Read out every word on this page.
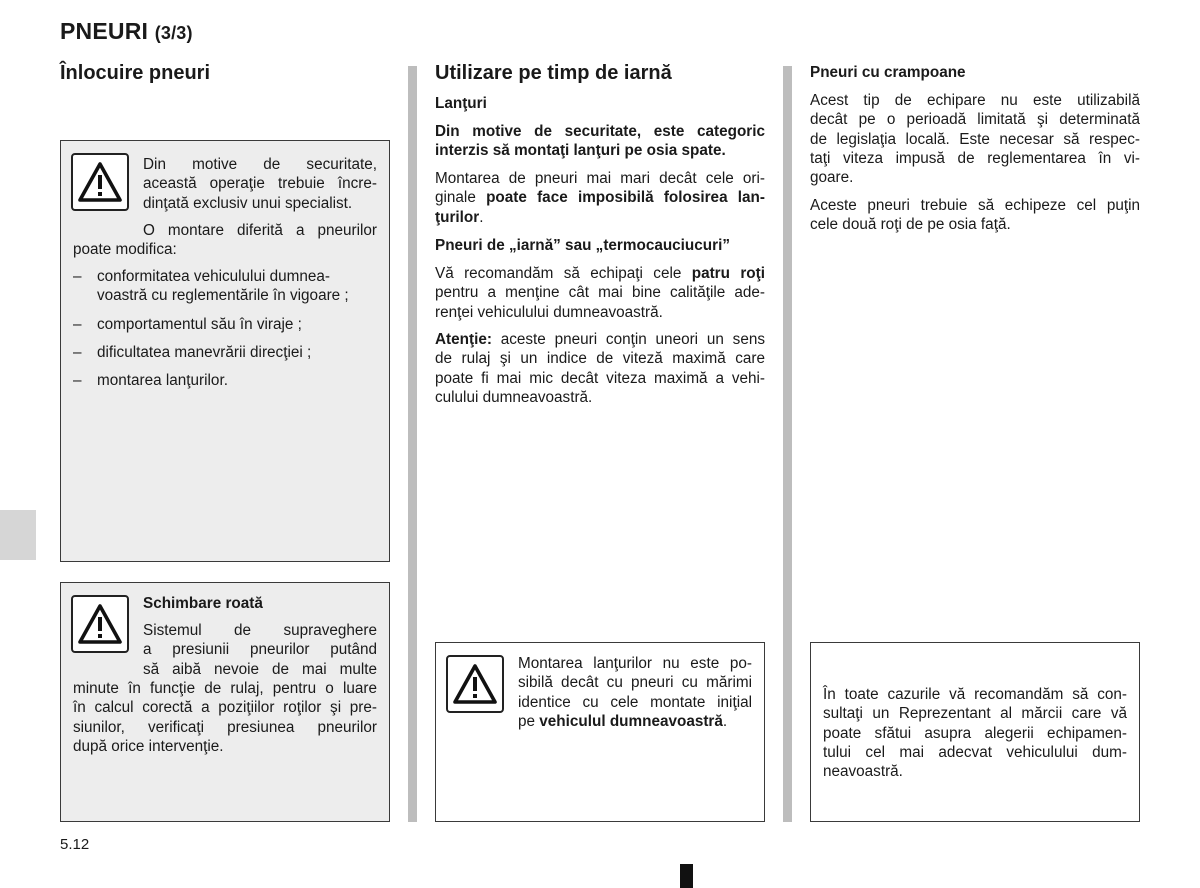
PNEURI (3/3)
Înlocuire pneuri
Din motive de securitate,
această operaţie trebuie încre-
dinţată exclusiv unui specialist.
O montare diferită a pneurilor
poate modifica:
– conformitatea vehiculului dumnea-
voastră cu reglementările în vigoare ;
– comportamentul său în viraje ;
– dificultatea manevrării direcţiei ;
– montarea lanţurilor.
Schimbare roată
Sistemul de supraveghere
a presiunii pneurilor putând
să aibă nevoie de mai multe
minute în funcţie de rulaj, pentru o luare
în calcul corectă a poziţiilor roţilor şi pre-
siunilor, verificaţi presiunea pneurilor
după orice intervenţie.
Utilizare pe timp de iarnă
Lanţuri
Din motive de securitate, este categoric
interzis să montaţi lanţuri pe osia spate.
Montarea de pneuri mai mari decât cele ori-
ginale poate face imposibilă folosirea lan-
ţurilor.
Pneuri de „iarnă” sau „termocauciucuri”
Vă recomandăm să echipaţi cele patru roţi
pentru a menţine cât mai bine calităţile ade-
renţei vehiculului dumneavoastră.
Atenţie: aceste pneuri conţin uneori un sens
de rulaj şi un indice de viteză maximă care
poate fi mai mic decât viteza maximă a vehi-
culului dumneavoastră.
Montarea lanţurilor nu este po-
sibilă decât cu pneuri cu mărimi
identice cu cele montate iniţial
pe vehiculul dumneavoastră.
Pneuri cu crampoane
Acest tip de echipare nu este utilizabilă
decât pe o perioadă limitată şi determinată
de legislaţia locală. Este necesar să respec-
taţi viteza impusă de reglementarea în vi-
goare.
Aceste pneuri trebuie să echipeze cel puţin
cele două roţi de pe osia faţă.
În toate cazurile vă recomandăm să con-
sultaţi un Reprezentant al mărcii care vă
poate sfătui asupra alegerii echipamen-
tului cel mai adecvat vehiculului dum-
neavoastră.
5.12
